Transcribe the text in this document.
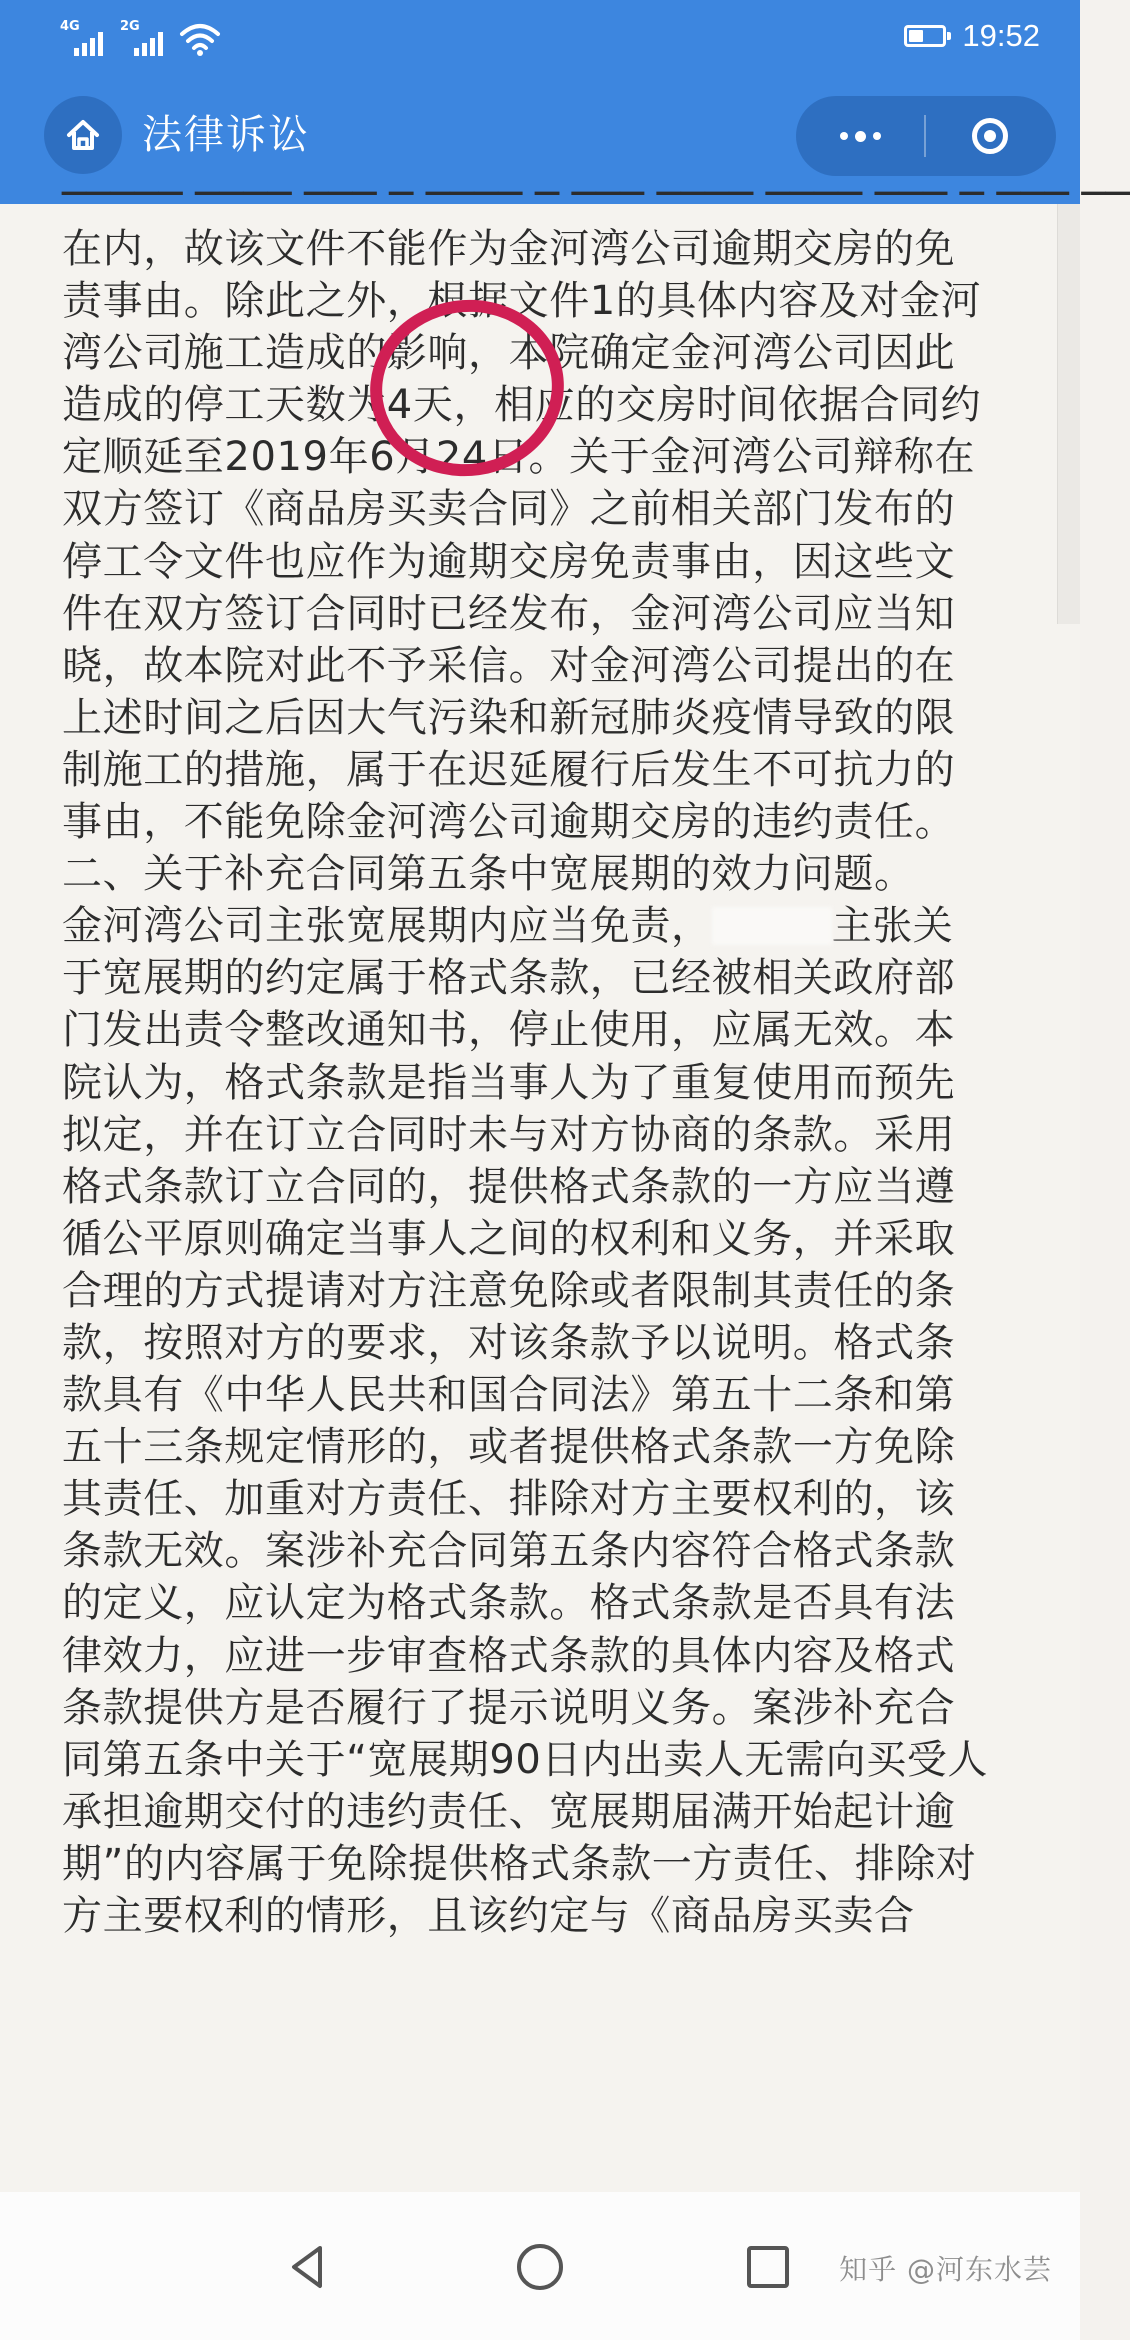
4G	2G	19:52
法律诉讼
───── ──── ─── ─ ──── ─ ─── ──── ──── ─── ─ ─── ──
在内，故该文件不能作为金河湾公司逾期交房的免
责事由。除此之外，根据文件1的具体内容及对金河
湾公司施工造成的影响，本院确定金河湾公司因此
造成的停工天数为4天，相应的交房时间依据合同约
定顺延至2019年6月24日。关于金河湾公司辩称在
双方签订《商品房买卖合同》之前相关部门发布的
停工令文件也应作为逾期交房免责事由，因这些文
件在双方签订合同时已经发布，金河湾公司应当知
晓，故本院对此不予采信。对金河湾公司提出的在
上述时间之后因大气污染和新冠肺炎疫情导致的限
制施工的措施，属于在迟延履行后发生不可抗力的
事由，不能免除金河湾公司逾期交房的违约责任。
二、关于补充合同第五条中宽展期的效力问题。
金河湾公司主张宽展期内应当免责，	主张关
于宽展期的约定属于格式条款，已经被相关政府部
门发出责令整改通知书，停止使用，应属无效。本
院认为，格式条款是指当事人为了重复使用而预先
拟定，并在订立合同时未与对方协商的条款。采用
格式条款订立合同的，提供格式条款的一方应当遵
循公平原则确定当事人之间的权利和义务，并采取
合理的方式提请对方注意免除或者限制其责任的条
款，按照对方的要求，对该条款予以说明。格式条
款具有《中华人民共和国合同法》第五十二条和第
五十三条规定情形的，或者提供格式条款一方免除
其责任、加重对方责任、排除对方主要权利的，该
条款无效。案涉补充合同第五条内容符合格式条款
的定义，应认定为格式条款。格式条款是否具有法
律效力，应进一步审查格式条款的具体内容及格式
条款提供方是否履行了提示说明义务。案涉补充合
同第五条中关于“宽展期90日内出卖人无需向买受人
承担逾期交付的违约责任、宽展期届满开始起计逾
期”的内容属于免除提供格式条款一方责任、排除对
方主要权利的情形，且该约定与《商品房买卖合
知乎 @河东水芸
